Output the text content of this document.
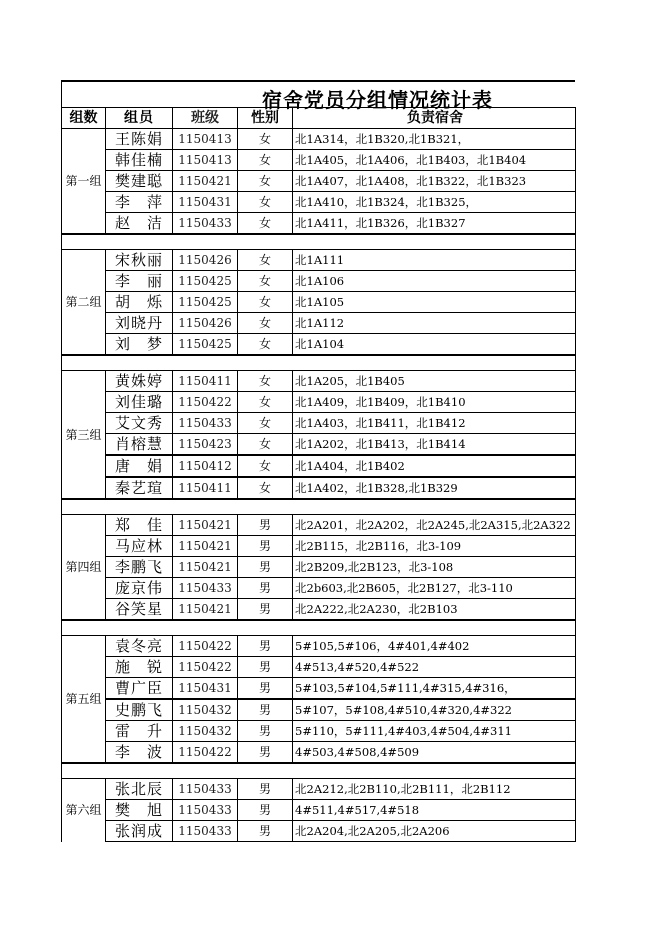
宿舍党员分组情况统计表
组数	组员	班级	性别	负责宿舍
第一组	王陈娟	1150413	女	北1A314，北1B320,北1B321，
	韩佳楠	1150413	女	北1A405，北1A406，北1B403，北1B404
	樊建聪	1150421	女	北1A407，北1A408，北1B322，北1B323
	李　萍	1150431	女	北1A410，北1B324，北1B325，
	赵　洁	1150433	女	北1A411，北1B326，北1B327

第二组	宋秋丽	1150426	女	北1A111
	李　丽	1150425	女	北1A106
	胡　烁	1150425	女	北1A105
	刘晓丹	1150426	女	北1A112
	刘　梦	1150425	女	北1A104

第三组	黄姝婷	1150411	女	北1A205，北1B405
	刘佳璐	1150422	女	北1A409，北1B409，北1B410
	艾文秀	1150433	女	北1A403，北1B411，北1B412
	肖榕慧	1150423	女	北1A202，北1B413，北1B414
	唐　娟	1150412	女	北1A404，北1B402
	秦艺瑄	1150411	女	北1A402，北1B328,北1B329

第四组	郑　佳	1150421	男	北2A201，北2A202，北2A245,北2A315,北2A322
	马应林	1150421	男	北2B115，北2B116，北3-109
	李鹏飞	1150421	男	北2B209,北2B123，北3-108
	庞京伟	1150433	男	北2b603,北2B605，北2B127，北3-110
	谷笑星	1150421	男	北2A222,北2A230，北2B103

第五组	袁冬亮	1150422	男	5#105,5#106，4#401,4#402
	施　锐	1150422	男	4#513,4#520,4#522
	曹广臣	1150431	男	5#103,5#104,5#111,4#315,4#316，
	史鹏飞	1150432	男	5#107，5#108,4#510,4#320,4#322
	雷　升	1150432	男	5#110，5#111,4#403,4#504,4#311
	李　波	1150422	男	4#503,4#508,4#509

第六组	张北辰	1150433	男	北2A212,北2B110,北2B111，北2B112
	樊　旭	1150433	男	4#511,4#517,4#518
	张润成	1150433	男	北2A204,北2A205,北2A206
